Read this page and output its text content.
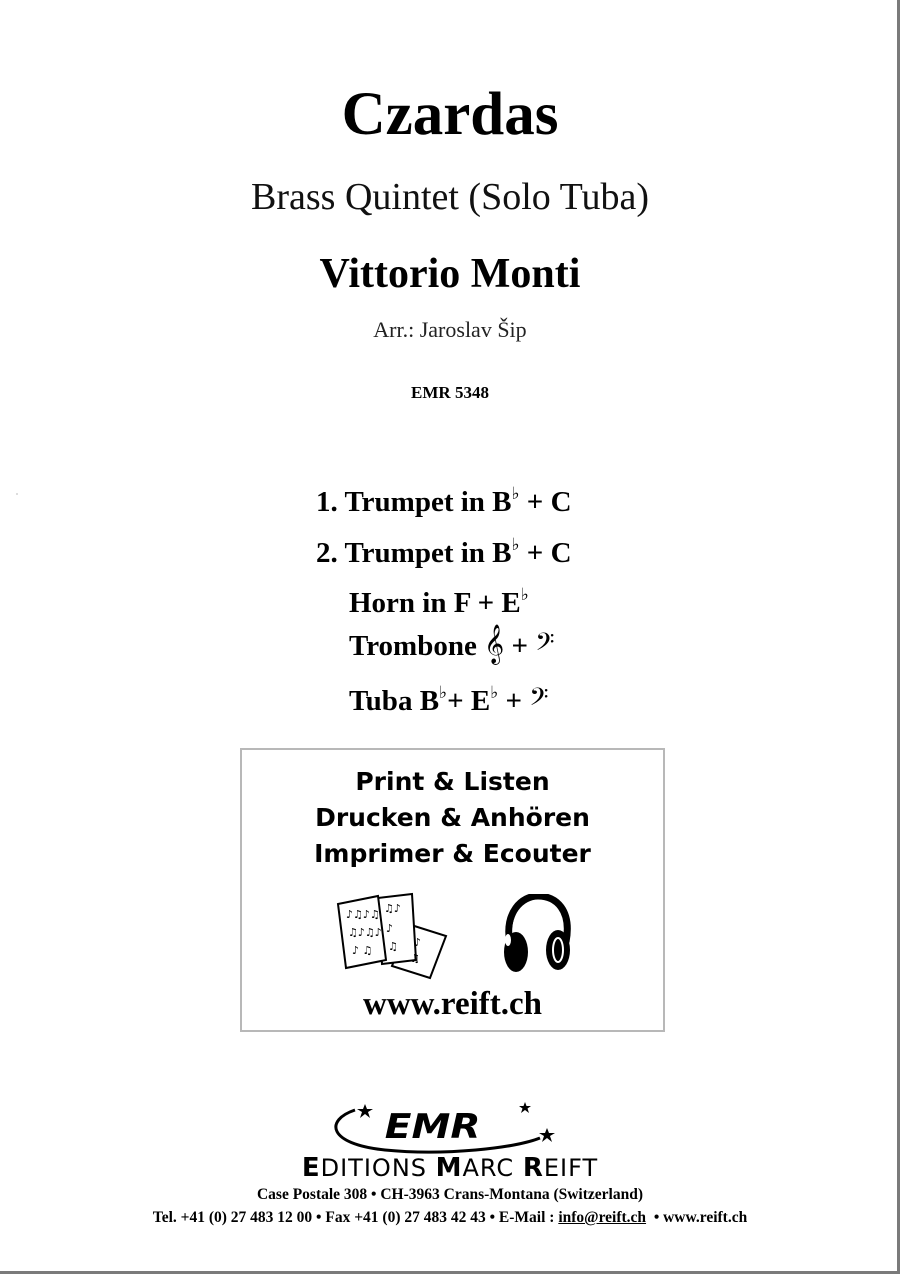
Czardas
Brass Quintet (Solo Tuba)
Vittorio Monti
Arr.: Jaroslav Šip
EMR 5348
1. Trumpet in B♭ + C
2. Trumpet in B♭ + C
Horn in F + E♭
Trombone 𝄞 + 𝄢
Tuba B♭+ E♭ + 𝄢
Print & Listen
Drucken & Anhören
Imprimer & Ecouter
♪♫♪♫
♫♪♫♪
♪ ♫
♫♪
♪
♫ ♪
♫
www.reift.ch
EMR
EDITIONS MARC REIFT
Case Postale 308 • CH-3963 Crans-Montana (Switzerland)
Tel. +41 (0) 27 483 12 00 • Fax +41 (0) 27 483 42 43 • E-Mail : info@reift.ch  • www.reift.ch
